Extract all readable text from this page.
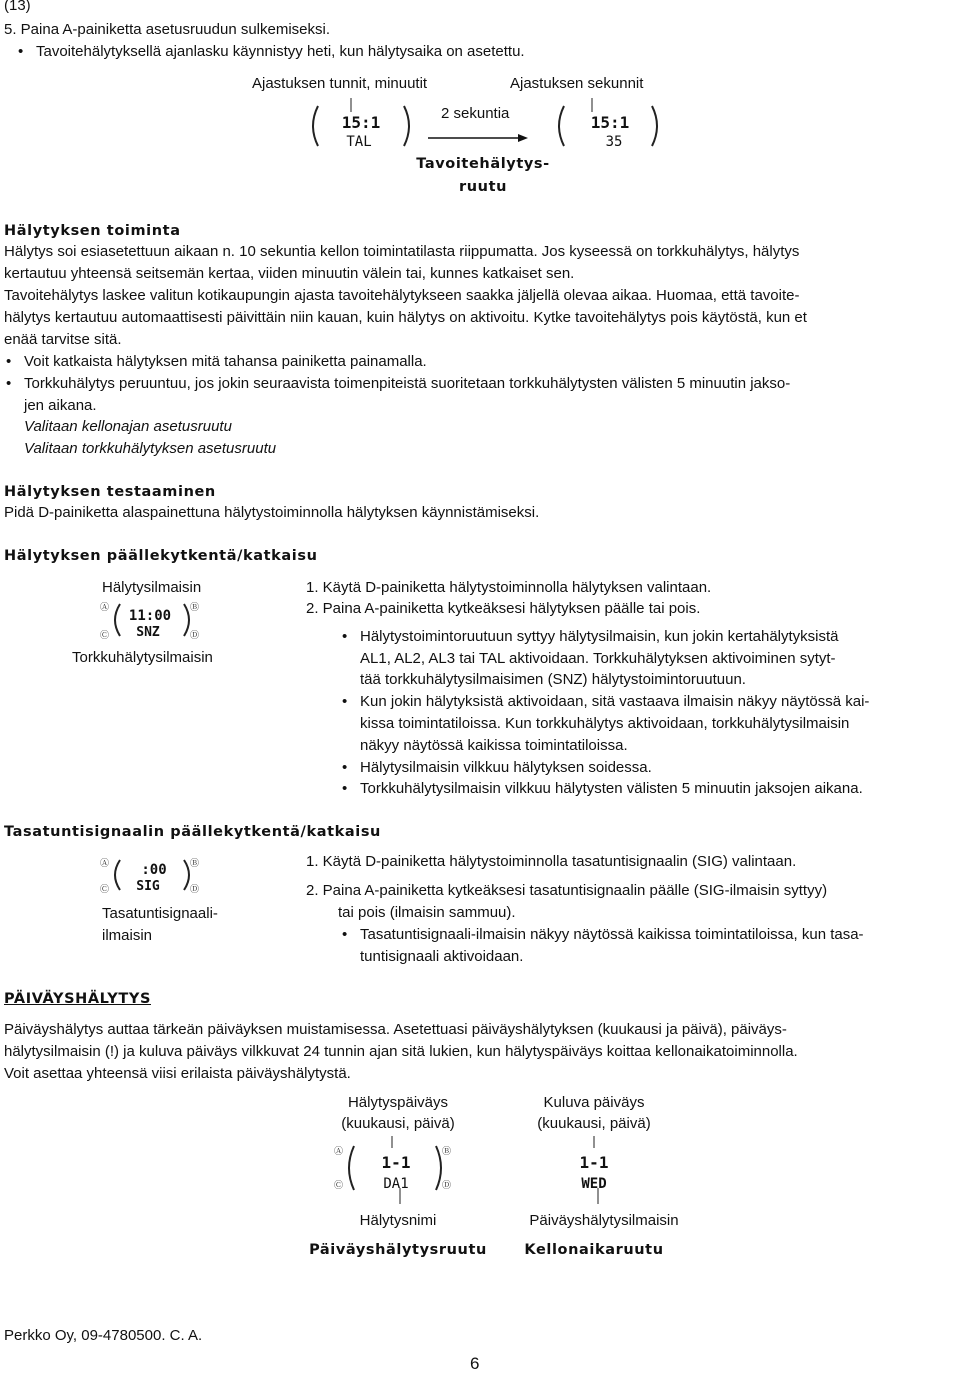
(13)
5. Paina A-painiketta asetusruudun sulkemiseksi.
• Tavoitehälytyksellä ajanlasku käynnistyy heti, kun hälytysaika on asetettu.
Ajastuksen tunnit, minuutit	Ajastuksen sekunnit
15:1
TAL
2 sekuntia	15:1
35
Tavoitehälytys-
ruutu
Hälytyksen toiminta
Hälytys soi esiasetettuun aikaan n. 10 sekuntia kellon toimintatilasta riippumatta. Jos kyseessä on torkkuhälytys, hälytys
kertautuu yhteensä seitsemän kertaa, viiden minuutin välein tai, kunnes katkaiset sen.
Tavoitehälytys laskee valitun kotikaupungin ajasta tavoitehälytykseen saakka jäljellä olevaa aikaa. Huomaa, että tavoite-
hälytys kertautuu automaattisesti päivittäin niin kauan, kuin hälytys on aktivoitu. Kytke tavoitehälytys pois käytöstä, kun et
enää tarvitse sitä.
• Voit katkaista hälytyksen mitä tahansa painiketta painamalla.
• Torkkuhälytys peruuntuu, jos jokin seuraavista toimenpiteistä suoritetaan torkkuhälytysten välisten 5 minuutin jakso-
jen aikana.
Valitaan kellonajan asetusruutu
Valitaan torkkuhälytyksen asetusruutu
Hälytyksen testaaminen
Pidä D-painiketta alaspainettuna hälytystoiminnolla hälytyksen käynnistämiseksi.
Hälytyksen päällekytkentä/katkaisu
Hälytysilmaisin
Ⓐ	Ⓑ
Ⓒ	Ⓓ
11:00
SNZ
Torkkuhälytysilmaisin
1. Käytä D-painiketta hälytystoiminnolla hälytyksen valintaan.
2. Paina A-painiketta kytkeäksesi hälytyksen päälle tai pois.
• Hälytystoimintoruutuun syttyy hälytysilmaisin, kun jokin kertahälytyksistä
AL1, AL2, AL3 tai TAL aktivoidaan. Torkkuhälytyksen aktivoiminen sytyt-
tää torkkuhälytysilmaisimen (SNZ) hälytystoimintoruutuun.
• Kun jokin hälytyksistä aktivoidaan, sitä vastaava ilmaisin näkyy näytössä kai-
kissa toimintatiloissa. Kun torkkuhälytys aktivoidaan, torkkuhälytysilmaisin
näkyy näytössä kaikissa toimintatiloissa.
• Hälytysilmaisin vilkkuu hälytyksen soidessa.
• Torkkuhälytysilmaisin vilkkuu hälytysten välisten 5 minuutin jaksojen aikana.
Tasatuntisignaalin päällekytkentä/katkaisu
Ⓐ	Ⓑ
Ⓒ	Ⓓ
:00
SIG
Tasatuntisignaali-
ilmaisin
1. Käytä D-painiketta hälytystoiminnolla tasatuntisignaalin (SIG) valintaan.
2. Paina A-painiketta kytkeäksesi tasatuntisignaalin päälle (SIG-ilmaisin syttyy)
tai pois (ilmaisin sammuu).
• Tasatuntisignaali-ilmaisin näkyy näytössä kaikissa toimintatiloissa, kun tasa-
tuntisignaali aktivoidaan.
PÄIVÄYSHÄLYTYS
Päiväyshälytys auttaa tärkeän päiväyksen muistamisessa. Asetettuasi päiväyshälytyksen (kuukausi ja päivä), päiväys-
hälytysilmaisin (!) ja kuluva päiväys vilkkuvat 24 tunnin ajan sitä lukien, kun hälytyspäiväys koittaa kellonaikatoiminnolla.
Voit asettaa yhteensä viisi erilaista päiväyshälytystä.
Hälytyspäiväys
(kuukausi, päivä)
Kuluva päiväys
(kuukausi, päivä)
Ⓐ	Ⓑ
Ⓒ	Ⓓ
1-1
DA1
1-1
WED
Hälytysnimi	Päiväyshälytysilmaisin
Päiväyshälytysruutu	Kellonaikaruutu
Perkko Oy, 09-4780500. C. A.
6
